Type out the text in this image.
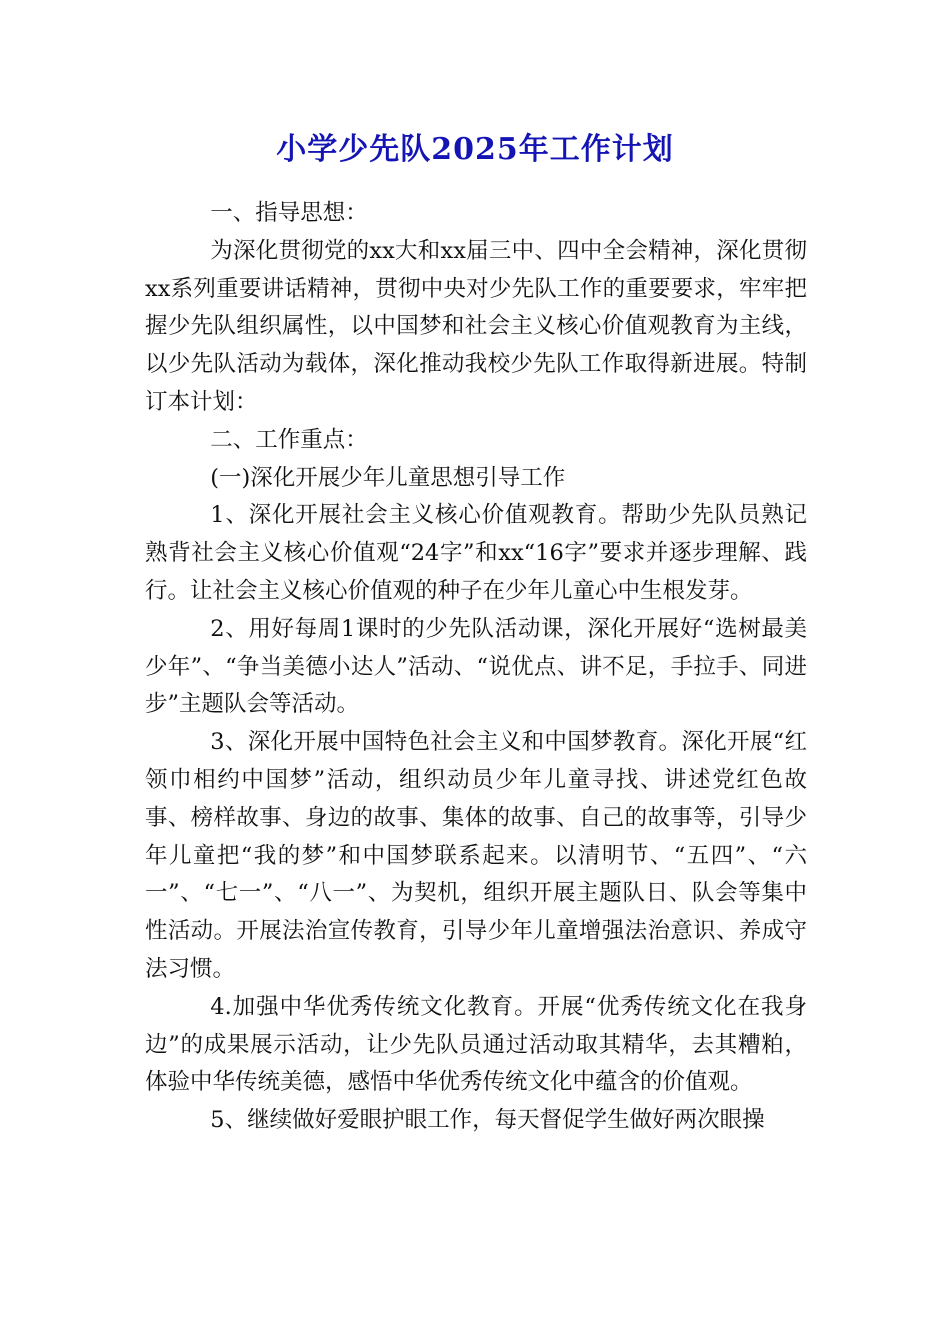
小学少先队2025年工作计划

一、指导思想：

为深化贯彻党的xx大和xx届三中、四中全会精神，深化贯彻xx系列重要讲话精神，贯彻中央对少先队工作的重要要求，牢牢把握少先队组织属性，以中国梦和社会主义核心价值观教育为主线，以少先队活动为载体，深化推动我校少先队工作取得新进展。特制订本计划：

二、工作重点：

(一)深化开展少年儿童思想引导工作

1、深化开展社会主义核心价值观教育。帮助少先队员熟记熟背社会主义核心价值观“24字”和xx“16字”要求并逐步理解、践行。让社会主义核心价值观的种子在少年儿童心中生根发芽。

2、用好每周1课时的少先队活动课，深化开展好“选树最美少年”、“争当美德小达人”活动、“说优点、讲不足，手拉手、同进步”主题队会等活动。

3、深化开展中国特色社会主义和中国梦教育。深化开展“红领巾相约中国梦”活动，组织动员少年儿童寻找、讲述党红色故事、榜样故事、身边的故事、集体的故事、自己的故事等，引导少年儿童把“我的梦”和中国梦联系起来。以清明节、“五四”、“六一”、“七一”、“八一”、为契机，组织开展主题队日、队会等集中性活动。开展法治宣传教育，引导少年儿童增强法治意识、养成守法习惯。

4.加强中华优秀传统文化教育。开展“优秀传统文化在我身边”的成果展示活动，让少先队员通过活动取其精华，去其糟粕，体验中华传统美德，感悟中华优秀传统文化中蕴含的价值观。

5、继续做好爱眼护眼工作，每天督促学生做好两次眼操
